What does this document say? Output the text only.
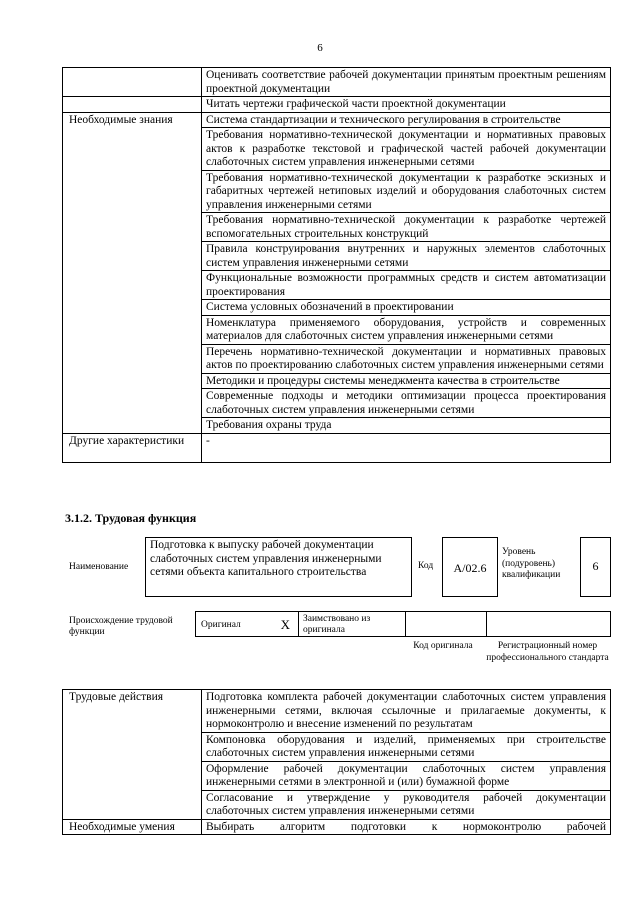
6
	Оценивать соответствие рабочей документации принятым проектным решениям проектной документации
	Читать чертежи графической части проектной документации
Необходимые знания	Система стандартизации и технического регулирования в строительстве
	Требования нормативно-технической документации и нормативных правовых актов к разработке текстовой и графической частей рабочей документации слаботочных систем управления инженерными сетями
	Требования нормативно-технической документации к разработке эскизных и габаритных чертежей нетиповых изделий и оборудования слаботочных систем управления инженерными сетями
	Требования нормативно-технической документации к разработке чертежей вспомогательных строительных конструкций
	Правила конструирования внутренних и наружных элементов слаботочных систем управления инженерными сетями
	Функциональные возможности программных средств и систем автоматизации проектирования
	Система условных обозначений в проектировании
	Номенклатура применяемого оборудования, устройств и современных материалов для слаботочных систем управления инженерными сетями
	Перечень нормативно-технической документации и нормативных правовых актов по проектированию слаботочных систем управления инженерными сетями
	Методики и процедуры системы менеджмента качества в строительстве
	Современные подходы и методики оптимизации процесса проектирования слаботочных систем управления инженерными сетями
	Требования охраны труда
Другие характеристики	-
3.1.2. Трудовая функция
Наименование
Подготовка к выпуску рабочей документации слаботочных систем управления инженерными сетями объекта капитального строительства	Код	A/02.6
Уровень (подуровень) квалификации
6
Происхождение трудовой функции
Оригинал	X	Заимствовано из оригинала
Код оригинала	Регистрационный номер профессионального стандарта
Трудовые действия	Подготовка комплекта рабочей документации слаботочных систем управления инженерными сетями, включая ссылочные и прилагаемые документы, к нормоконтролю и внесение изменений по результатам
	Компоновка оборудования и изделий, применяемых при строительстве слаботочных систем управления инженерными сетями
	Оформление рабочей документации слаботочных систем управления инженерными сетями в электронной и (или) бумажной форме
	Согласование и утверждение у руководителя рабочей документации слаботочных систем управления инженерными сетями
Необходимые умения	Выбирать алгоритм подготовки к нормоконтролю рабочей
